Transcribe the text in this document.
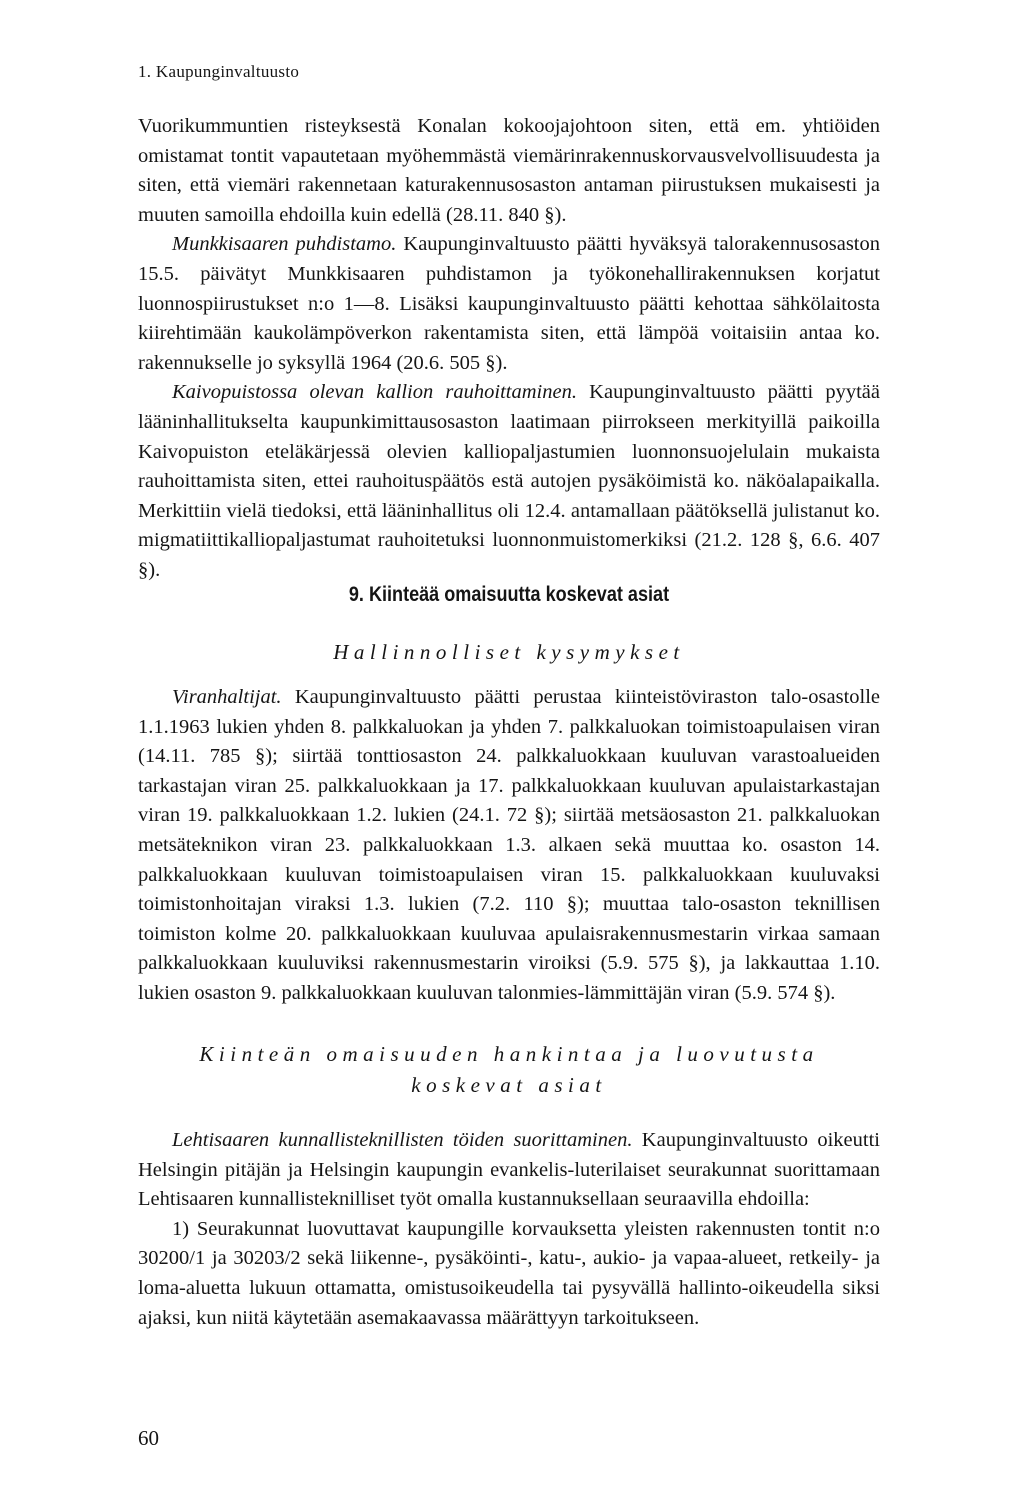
1. Kaupunginvaltuusto

Vuorikummuntien risteyksestä Konalan kokoojajohtoon siten, että em. yhtiöiden omistamat tontit vapautetaan myöhemmästä viemärinrakennuskorvausvelvollisuudesta ja siten, että viemäri rakennetaan katurakennusosaston antaman piirustuksen mukaisesti ja muuten samoilla ehdoilla kuin edellä (28.11. 840 §).

Munkkisaaren puhdistamo. Kaupunginvaltuusto päätti hyväksyä talorakennusosaston 15.5. päivätyt Munkkisaaren puhdistamon ja työkonehallirakennuksen korjatut luonnospiirustukset n:o 1—8. Lisäksi kaupunginvaltuusto päätti kehottaa sähkölaitosta kiirehtimään kaukolämpöverkon rakentamista siten, että lämpöä voitaisiin antaa ko. rakennukselle jo syksyllä 1964 (20.6. 505 §).

Kaivopuistossa olevan kallion rauhoittaminen. Kaupunginvaltuusto päätti pyytää lääninhallitukselta kaupunkimittausosaston laatimaan piirrokseen merkityillä paikoilla Kaivopuiston eteläkärjessä olevien kalliopaljastumien luonnonsuojelulain mukaista rauhoittamista siten, ettei rauhoituspäätös estä autojen pysäköimistä ko. näköalapaikalla. Merkittiin vielä tiedoksi, että lääninhallitus oli 12.4. antamallaan päätöksellä julistanut ko. migmatiittikalliopaljastumat rauhoitetuksi luonnonmuistomerkiksi (21.2. 128 §, 6.6. 407 §).

9. Kiinteää omaisuutta koskevat asiat
Hallinnolliset kysymykset

Viranhaltijat. Kaupunginvaltuusto päätti perustaa kiinteistöviraston talo-osastolle 1.1.1963 lukien yhden 8. palkkaluokan ja yhden 7. palkkaluokan toimistoapulaisen viran (14.11. 785 §); siirtää tonttiosaston 24. palkkaluokkaan kuuluvan varastoalueiden tarkastajan viran 25. palkkaluokkaan ja 17. palkkaluokkaan kuuluvan apulaistarkastajan viran 19. palkkaluokkaan 1.2. lukien (24.1. 72 §); siirtää metsäosaston 21. palkkaluokan metsäteknikon viran 23. palkkaluokkaan 1.3. alkaen sekä muuttaa ko. osaston 14. palkkaluokkaan kuuluvan toimistoapulaisen viran 15. palkkaluokkaan kuuluvaksi toimistonhoitajan viraksi 1.3. lukien (7.2. 110 §); muuttaa talo-osaston teknillisen toimiston kolme 20. palkkaluokkaan kuuluvaa apulaisrakennusmestarin virkaa samaan palkkaluokkaan kuuluviksi rakennusmestarin viroiksi (5.9. 575 §), ja lakkauttaa 1.10. lukien osaston 9. palkkaluokkaan kuuluvan talonmies-lämmittäjän viran (5.9. 574 §).

Kiinteän omaisuuden hankintaa ja luovutusta
koskevat asiat

Lehtisaaren kunnallisteknillisten töiden suorittaminen. Kaupunginvaltuusto oikeutti Helsingin pitäjän ja Helsingin kaupungin evankelis-luterilaiset seurakunnat suorittamaan Lehtisaaren kunnallisteknilliset työt omalla kustannuksellaan seuraavilla ehdoilla:

1) Seurakunnat luovuttavat kaupungille korvauksetta yleisten rakennusten tontit n:o 30200/1 ja 30203/2 sekä liikenne-, pysäköinti-, katu-, aukio- ja vapaa-alueet, retkeily- ja loma-aluetta lukuun ottamatta, omistusoikeudella tai pysyvällä hallinto-oikeudella siksi ajaksi, kun niitä käytetään asemakaavassa määrättyyn tarkoitukseen.

60
